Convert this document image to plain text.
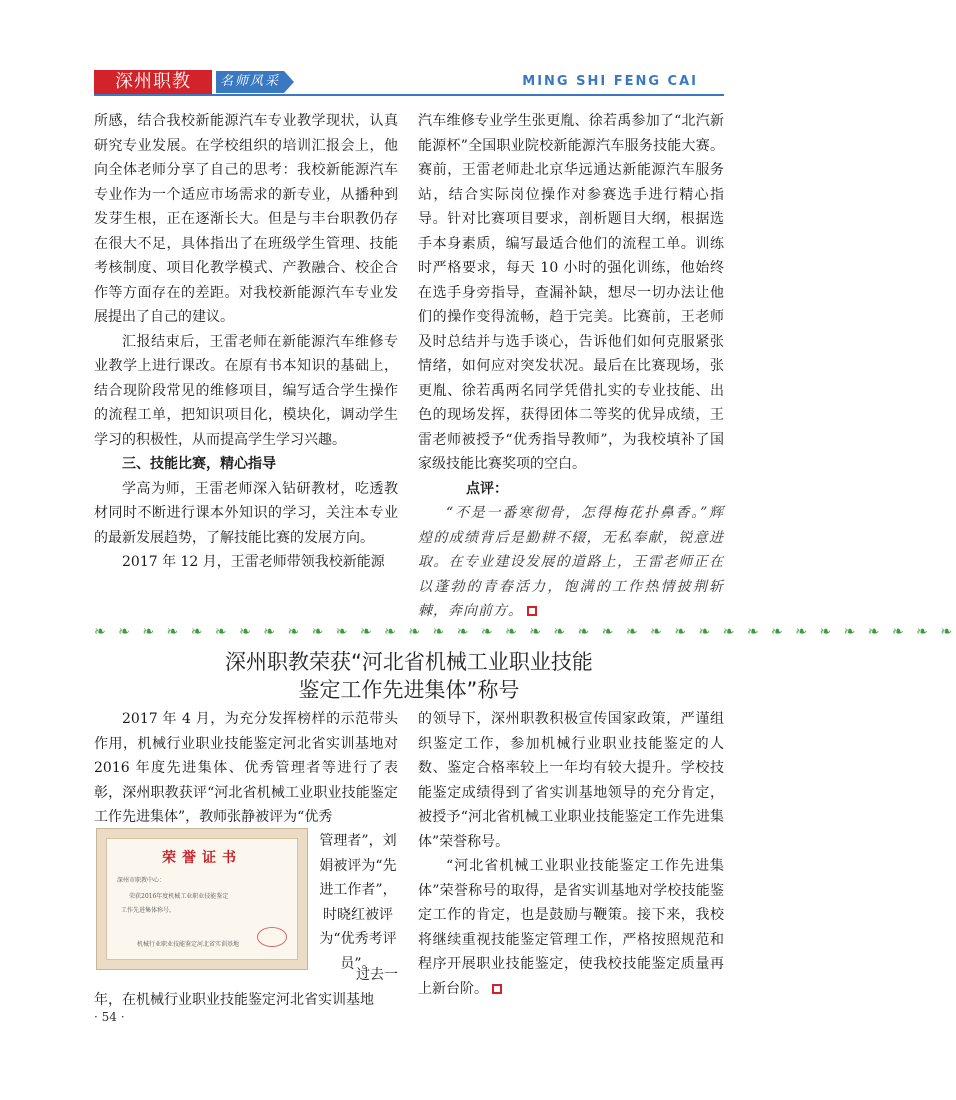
深州职教	名师风采	MING SHI FENG CAI

所感，结合我校新能源汽车专业教学现状，认真研究专业发展。在学校组织的培训汇报会上，他向全体老师分享了自己的思考：我校新能源汽车专业作为一个适应市场需求的新专业，从播种到发芽生根，正在逐渐长大。但是与丰台职教仍存在很大不足，具体指出了在班级学生管理、技能考核制度、项目化教学模式、产教融合、校企合作等方面存在的差距。对我校新能源汽车专业发展提出了自己的建议。

汇报结束后，王雷老师在新能源汽车维修专业教学上进行课改。在原有书本知识的基础上，结合现阶段常见的维修项目，编写适合学生操作的流程工单，把知识项目化，模块化，调动学生学习的积极性，从而提高学生学习兴趣。

三、技能比赛，精心指导

学高为师，王雷老师深入钻研教材，吃透教材同时不断进行课本外知识的学习，关注本专业的最新发展趋势，了解技能比赛的发展方向。

2017 年 12 月，王雷老师带领我校新能源

汽车维修专业学生张更胤、徐若禹参加了“北汽新能源杯”全国职业院校新能源汽车服务技能大赛。赛前，王雷老师赴北京华远通达新能源汽车服务站，结合实际岗位操作对参赛选手进行精心指导。针对比赛项目要求，剖析题目大纲，根据选手本身素质，编写最适合他们的流程工单。训练时严格要求，每天 10 小时的强化训练，他始终在选手身旁指导，查漏补缺，想尽一切办法让他们的操作变得流畅，趋于完美。比赛前，王老师及时总结并与选手谈心，告诉他们如何克服紧张情绪，如何应对突发状况。最后在比赛现场，张更胤、徐若禹两名同学凭借扎实的专业技能、出色的现场发挥，获得团体二等奖的优异成绩，王雷老师被授予“优秀指导教师”，为我校填补了国家级技能比赛奖项的空白。

点评：

“不是一番寒彻骨，怎得梅花扑鼻香。”辉煌的成绩背后是勤耕不辍，无私奉献，锐意进取。在专业建设发展的道路上，王雷老师正在以蓬勃的青春活力，饱满的工作热情披荆斩棘，奔向前方。

❧ ❧ ❧ ❧ ❧ ❧ ❧ ❧ ❧ ❧ ❧ ❧ ❧ ❧ ❧ ❧ ❧ ❧ ❧ ❧ ❧ ❧ ❧ ❧ ❧ ❧ ❧ ❧ ❧ ❧ ❧ ❧ ❧ ❧ ❧ ❧
深州职教荣获“河北省机械工业职业技能
鉴定工作先进集体”称号

2017 年 4 月，为充分发挥榜样的示范带头作用，机械行业职业技能鉴定河北省实训基地对 2016 年度先进集体、优秀管理者等进行了表彰，深州职教获评“河北省机械工业职业技能鉴定工作先进集体”，教师张静被评为“优秀

管理者”，刘娟被评为“先进工作者”，时晓红被评为“优秀考评员”。

过去一

年，在机械行业职业技能鉴定河北省实训基地

荣誉证书
深州市职教中心：
荣获2016年度机械工业职业技能鉴定
工作先进集体称号。
机械行业职业技能鉴定河北省实训基地

的领导下，深州职教积极宣传国家政策，严谨组织鉴定工作，参加机械行业职业技能鉴定的人数、鉴定合格率较上一年均有较大提升。学校技能鉴定成绩得到了省实训基地领导的充分肯定，被授予“河北省机械工业职业技能鉴定工作先进集体”荣誉称号。

“河北省机械工业职业技能鉴定工作先进集体”荣誉称号的取得，是省实训基地对学校技能鉴定工作的肯定，也是鼓励与鞭策。接下来，我校将继续重视技能鉴定管理工作，严格按照规范和程序开展职业技能鉴定，使我校技能鉴定质量再上新台阶。

· 54 ·
